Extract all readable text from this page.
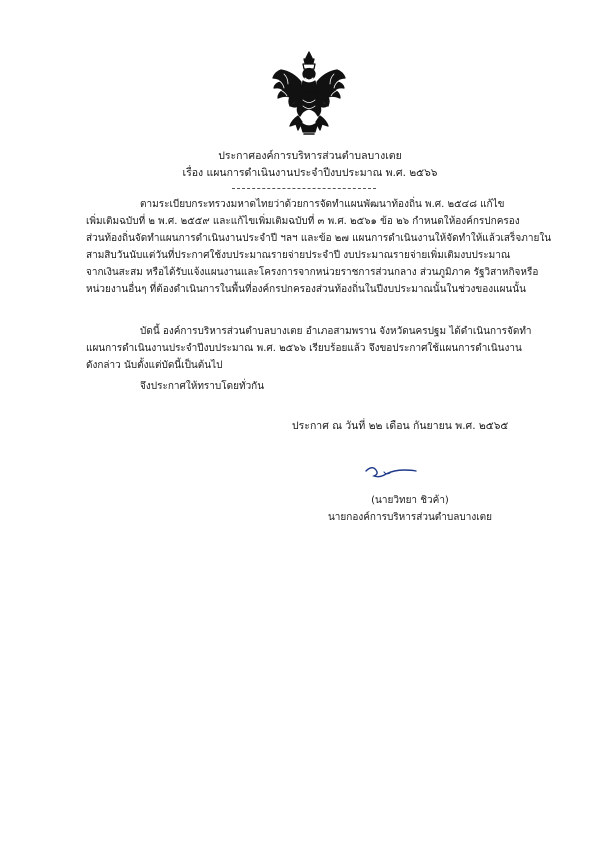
ประกาศองค์การบริหารส่วนตำบลบางเตย
เรื่อง แผนการดำเนินงานประจำปีงบประมาณ พ.ศ. ๒๕๖๖
ตามระเบียบกระทรวงมหาดไทยว่าด้วยการจัดทำแผนพัฒนาท้องถิ่น พ.ศ. ๒๕๔๘ แก้ไข
เพิ่มเติมฉบับที่ ๒ พ.ศ. ๒๕๕๙ และแก้ไขเพิ่มเติมฉบับที่ ๓ พ.ศ. ๒๕๖๑ ข้อ ๒๖ กำหนดให้องค์กรปกครอง
ส่วนท้องถิ่นจัดทำแผนการดำเนินงานประจำปี ฯลฯ และข้อ ๒๗ แผนการดำเนินงานให้จัดทำให้แล้วเสร็จภายใน
สามสิบวันนับแต่วันที่ประกาศใช้งบประมาณรายจ่ายประจำปี งบประมาณรายจ่ายเพิ่มเติมงบประมาณ
จากเงินสะสม หรือได้รับแจ้งแผนงานและโครงการจากหน่วยราชการส่วนกลาง ส่วนภูมิภาค รัฐวิสาหกิจหรือ
หน่วยงานอื่นๆ ที่ต้องดำเนินการในพื้นที่องค์กรปกครองส่วนท้องถิ่นในปีงบประมาณนั้นในช่วงของแผนนั้น
บัดนี้ องค์การบริหารส่วนตำบลบางเตย อำเภอสามพราน จังหวัดนครปฐม ได้ดำเนินการจัดทำ
แผนการดำเนินงานประจำปีงบประมาณ พ.ศ. ๒๕๖๖ เรียบร้อยแล้ว จึงขอประกาศใช้แผนการดำเนินงาน
ดังกล่าว นับตั้งแต่บัดนี้เป็นต้นไป
จึงประกาศให้ทราบโดยทั่วกัน
ประกาศ ณ วันที่ ๒๒ เดือน กันยายน พ.ศ. ๒๕๖๕
(นายวิทยา ชิวค้า)
นายกองค์การบริหารส่วนตำบลบางเตย
